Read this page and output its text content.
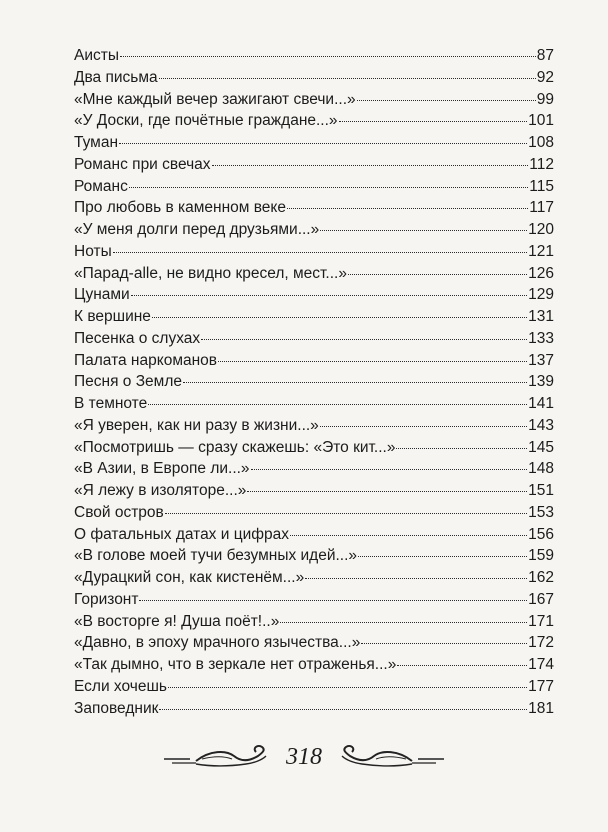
Аисты	87
Два письма	92
«Мне каждый вечер зажигают свечи...»	99
«У Доски, где почётные граждане...»	101
Туман	108
Романс при свечах	112
Романс	115
Про любовь в каменном веке	117
«У меня долги перед друзьями...»	120
Ноты	121
«Парад-alle, не видно кресел, мест...»	126
Цунами	129
К вершине	131
Песенка о слухах	133
Палата наркоманов	137
Песня о Земле	139
В темноте	141
«Я уверен, как ни разу в жизни...»	143
«Посмотришь — сразу скажешь: «Это кит...»	145
«В Азии, в Европе ли...»	148
«Я лежу в изоляторе...»	151
Свой остров	153
О фатальных датах и цифрах	156
«В голове моей тучи безумных идей...»	159
«Дурацкий сон, как кистенём...»	162
Горизонт	167
«В восторге я! Душа поёт!..»	171
«Давно, в эпоху мрачного язычества...»	172
«Так дымно, что в зеркале нет отраженья...»	174
Если хочешь	177
Заповедник	181
318
